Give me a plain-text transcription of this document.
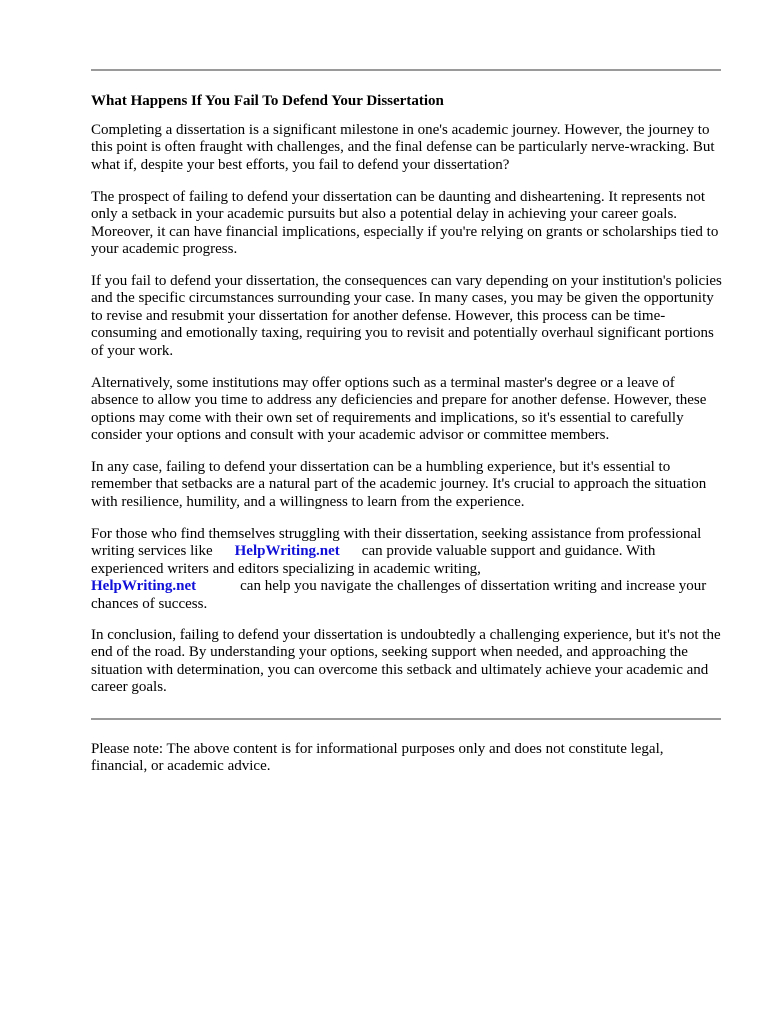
What Happens If You Fail To Defend Your Dissertation

Completing a dissertation is a significant milestone in one's academic journey. However, the journey to this point is often fraught with challenges, and the final defense can be particularly nerve-wracking. But what if, despite your best efforts, you fail to defend your dissertation?

The prospect of failing to defend your dissertation can be daunting and disheartening. It represents not only a setback in your academic pursuits but also a potential delay in achieving your career goals. Moreover, it can have financial implications, especially if you're relying on grants or scholarships tied to your academic progress.

If you fail to defend your dissertation, the consequences can vary depending on your institution's policies and the specific circumstances surrounding your case. In many cases, you may be given the opportunity to revise and resubmit your dissertation for another defense. However, this process can be time-consuming and emotionally taxing, requiring you to revisit and potentially overhaul significant portions of your work.

Alternatively, some institutions may offer options such as a terminal master's degree or a leave of absence to allow you time to address any deficiencies and prepare for another defense. However, these options may come with their own set of requirements and implications, so it's essential to carefully consider your options and consult with your academic advisor or committee members.

In any case, failing to defend your dissertation can be a humbling experience, but it's essential to remember that setbacks are a natural part of the academic journey. It's crucial to approach the situation with resilience, humility, and a willingness to learn from the experience.

For those who find themselves struggling with their dissertation, seeking assistance from professional writing services like HelpWriting.net can provide valuable support and guidance. With experienced writers and editors specializing in academic writing,
HelpWriting.net	can help you navigate the challenges of dissertation writing and increase your chances of success.

In conclusion, failing to defend your dissertation is undoubtedly a challenging experience, but it's not the end of the road. By understanding your options, seeking support when needed, and approaching the situation with determination, you can overcome this setback and ultimately achieve your academic and career goals.

Please note: The above content is for informational purposes only and does not constitute legal, financial, or academic advice.
